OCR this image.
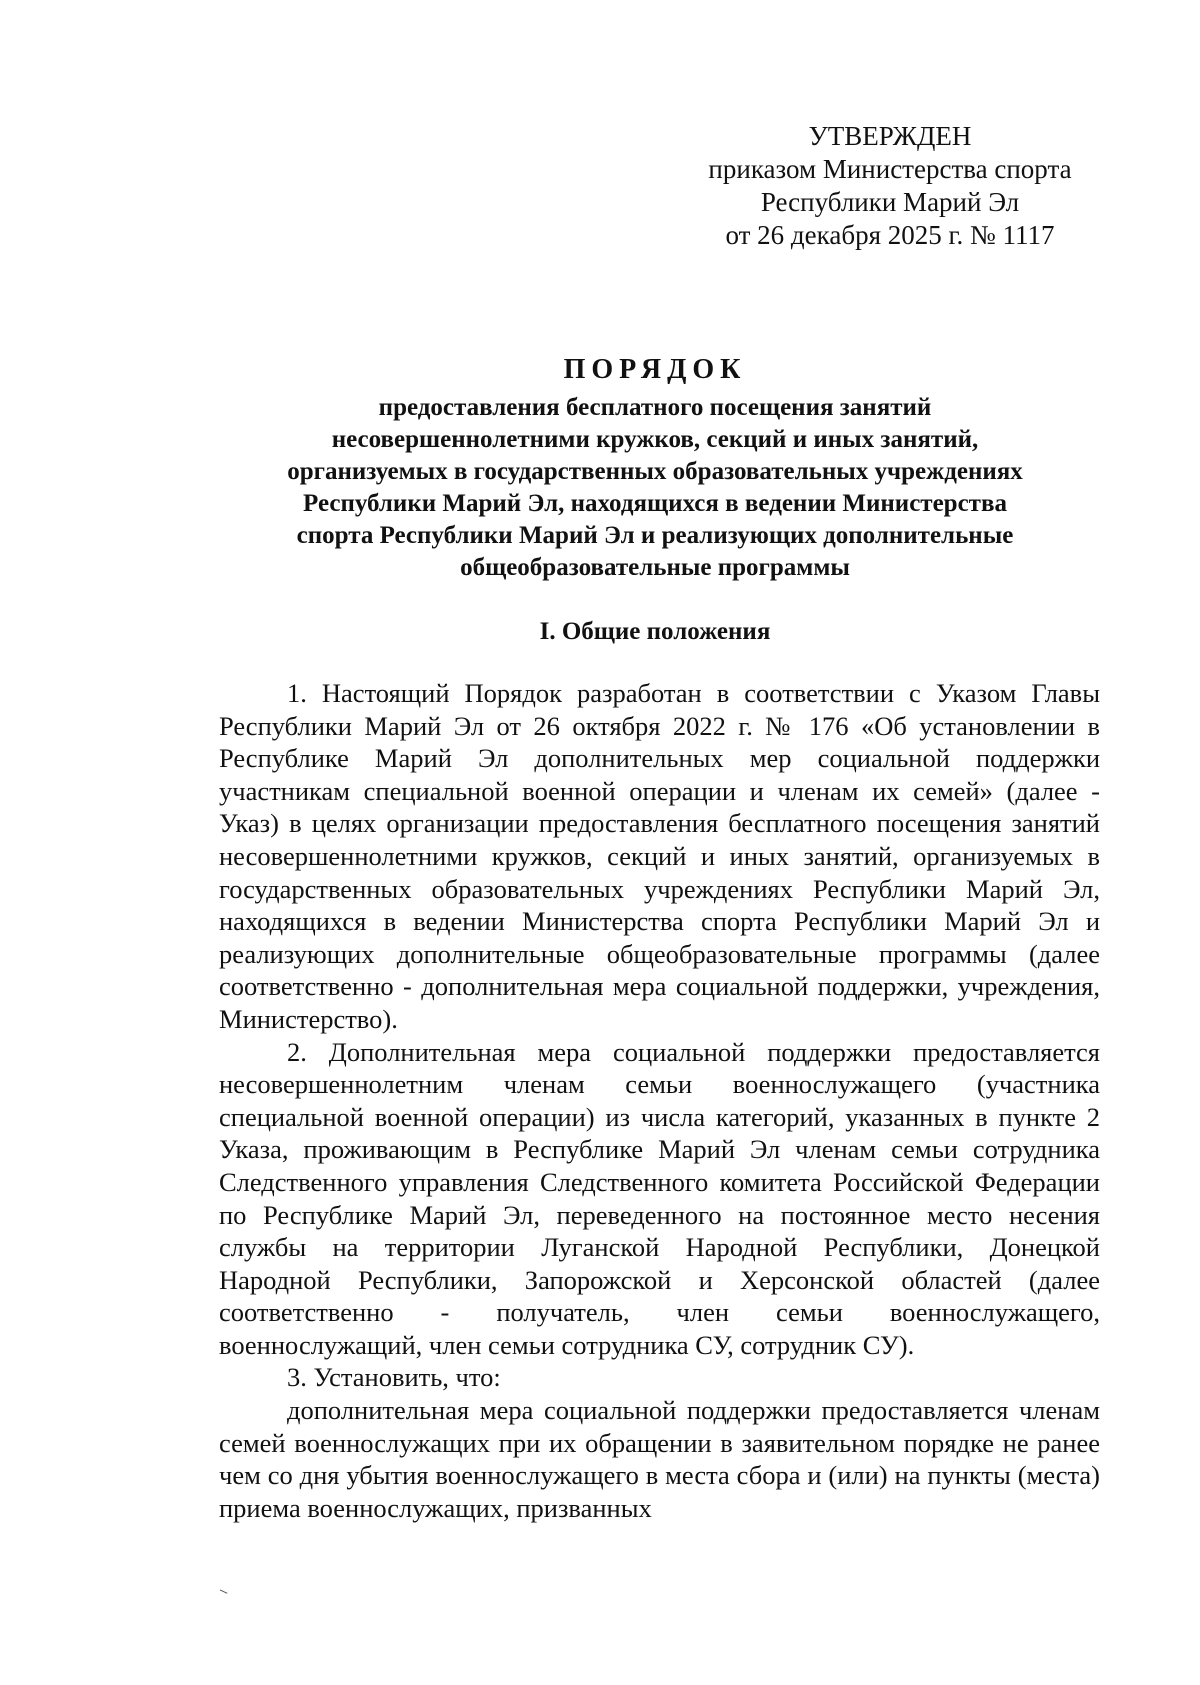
УТВЕРЖДЕН
приказом Министерства спорта
Республики Марий Эл
от 26 декабря 2025 г. № 1117
ПОРЯДОК
предоставления бесплатного посещения занятий
несовершеннолетними кружков, секций и иных занятий,
организуемых в государственных образовательных учреждениях
Республики Марий Эл, находящихся в ведении Министерства
спорта Республики Марий Эл и реализующих дополнительные
общеобразовательные программы
I. Общие положения

1. Настоящий Порядок разработан в соответствии с Указом Главы Республики Марий Эл от 26 октября 2022 г. № 176 «Об установлении в Республике Марий Эл дополнительных мер социальной поддержки участникам специальной военной операции и членам их семей» (далее - Указ) в целях организации предоставления бесплатного посещения занятий несовершеннолетними кружков, секций и иных занятий, организуемых в государственных образовательных учреждениях Республики Марий Эл, находящихся в ведении Министерства спорта Республики Марий Эл и реализующих дополнительные общеобразовательные программы (далее соответственно - дополнительная мера социальной поддержки, учреждения, Министерство).

2. Дополнительная мера социальной поддержки предоставляется несовершеннолетним членам семьи военнослужащего (участника специальной военной операции) из числа категорий, указанных в пункте 2 Указа, проживающим в Республике Марий Эл членам семьи сотрудника Следственного управления Следственного комитета Российской Федерации по Республике Марий Эл, переведенного на постоянное место несения службы на территории Луганской Народной Республики, Донецкой Народной Республики, Запорожской и Херсонской областей (далее соответственно - получатель, член семьи военнослужащего, военнослужащий, член семьи сотрудника СУ, сотрудник СУ).

3. Установить, что:

дополнительная мера социальной поддержки предоставляется членам семей военнослужащих при их обращении в заявительном порядке не ранее чем со дня убытия военнослужащего в места сбора и (или) на пункты (места) приема военнослужащих, призванных
